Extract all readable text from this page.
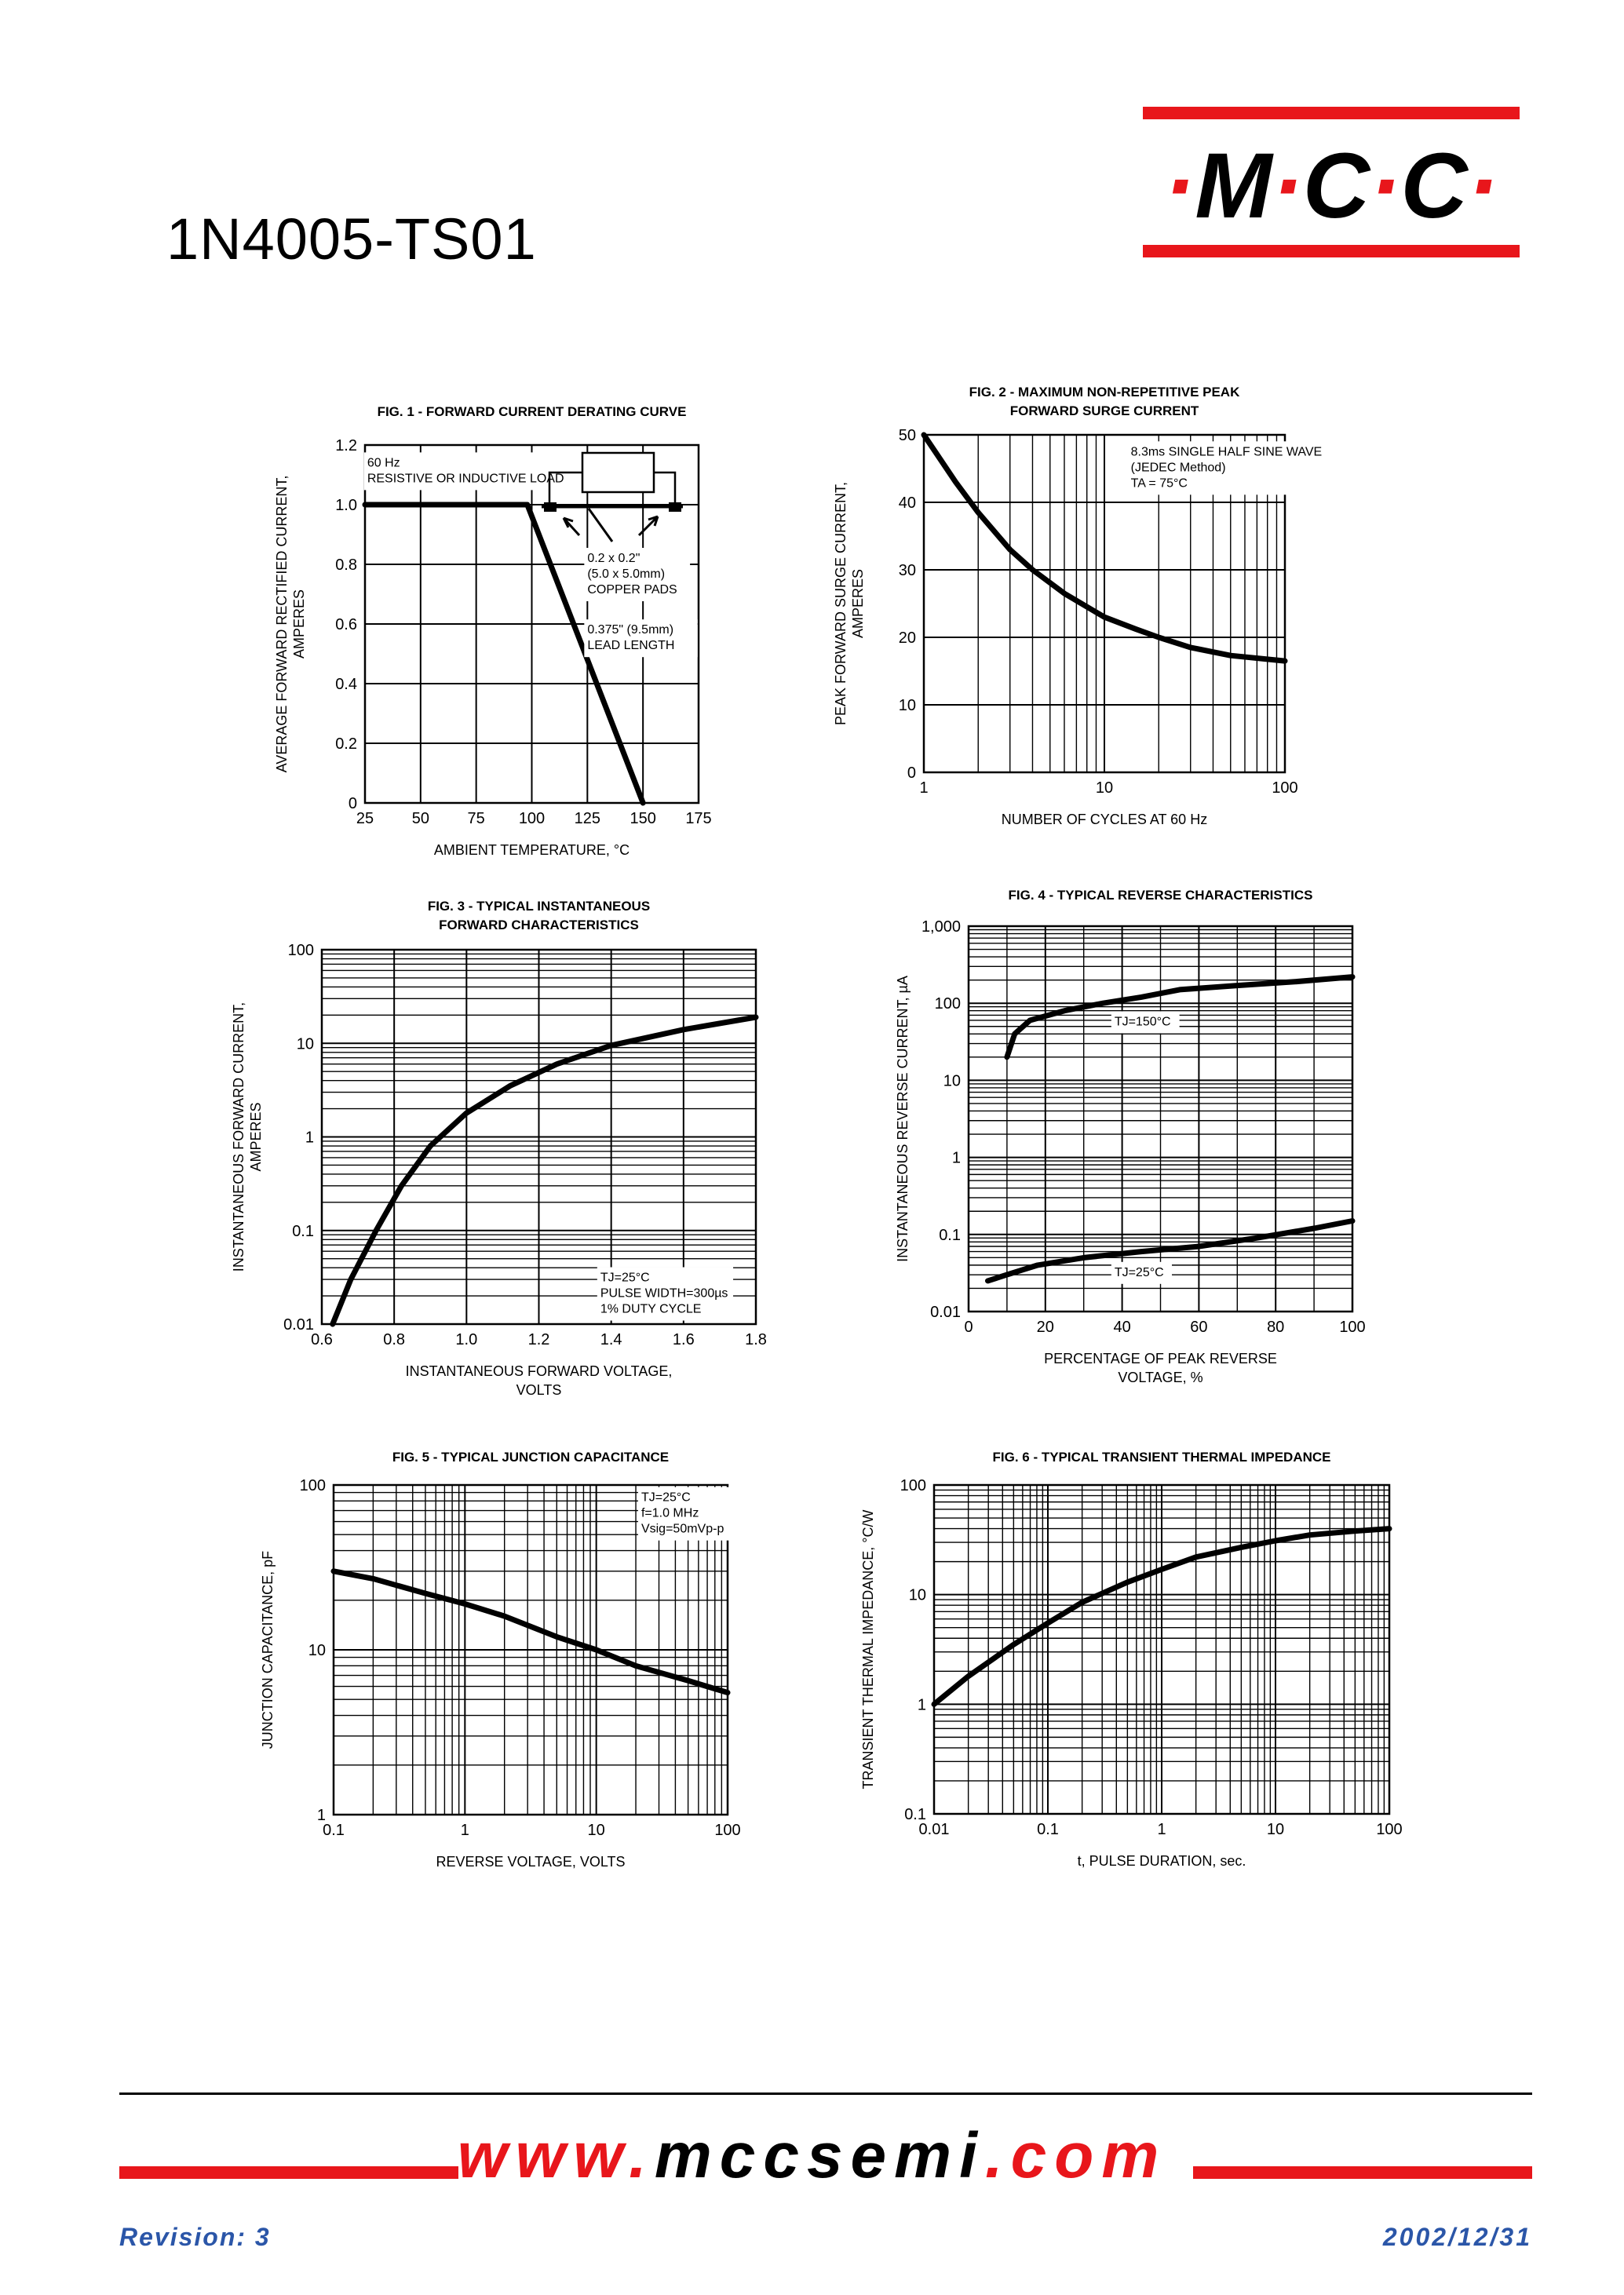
1N4005-TS01
·M·C·C·
FIG. 1 - FORWARD CURRENT DERATING CURVE
25 50 75 100 125 150 175
0
0.2
0.4
0.6
0.8
1.0
1.2
AMBIENT TEMPERATURE, °C
AVERAGE FORWARD RECTIFIED CURRENT, AMPERES
60 Hz
RESISTIVE OR INDUCTIVE LOAD
0.2 x 0.2"
(5.0 x 5.0mm)
COPPER PADS
0.375" (9.5mm)
LEAD LENGTH
FIG. 2 - MAXIMUM NON-REPETITIVE PEAK
FORWARD SURGE CURRENT
1	10	100
0
10
20
30
40
50
NUMBER OF CYCLES AT 60 Hz
PEAK FORWARD SURGE CURRENT, AMPERES
8.3ms SINGLE HALF SINE WAVE
(JEDEC Method)
TA = 75°C
FIG. 3 - TYPICAL INSTANTANEOUS
FORWARD CHARACTERISTICS
0.6	0.8	1.0	1.2	1.4	1.6	1.8
0.01
0.1
1
10
100
INSTANTANEOUS FORWARD VOLTAGE,
VOLTS
INSTANTANEOUS FORWARD CURRENT, AMPERES
TJ=25°C
PULSE WIDTH=300µs
1% DUTY CYCLE
FIG. 4 - TYPICAL REVERSE CHARACTERISTICS
0	20	40	60	80	100
0.01
0.1
1
10
100
1,000
PERCENTAGE OF PEAK REVERSE
VOLTAGE, %
INSTANTANEOUS REVERSE CURRENT, µA	TJ=150°C
TJ=25°C
FIG. 5 - TYPICAL JUNCTION CAPACITANCE
0.1	1	10	100
1
10
100
REVERSE VOLTAGE, VOLTS
JUNCTION CAPACITANCE, pF
TJ=25°C
f=1.0 MHz
Vsig=50mVp-p
FIG. 6 - TYPICAL TRANSIENT THERMAL IMPEDANCE
0.01	0.1	1	10	100
0.1
1
10
100
t, PULSE DURATION, sec.
TRANSIENT THERMAL IMPEDANCE, °C/W
www.mccsemi.com
Revision: 3	2002/12/31
